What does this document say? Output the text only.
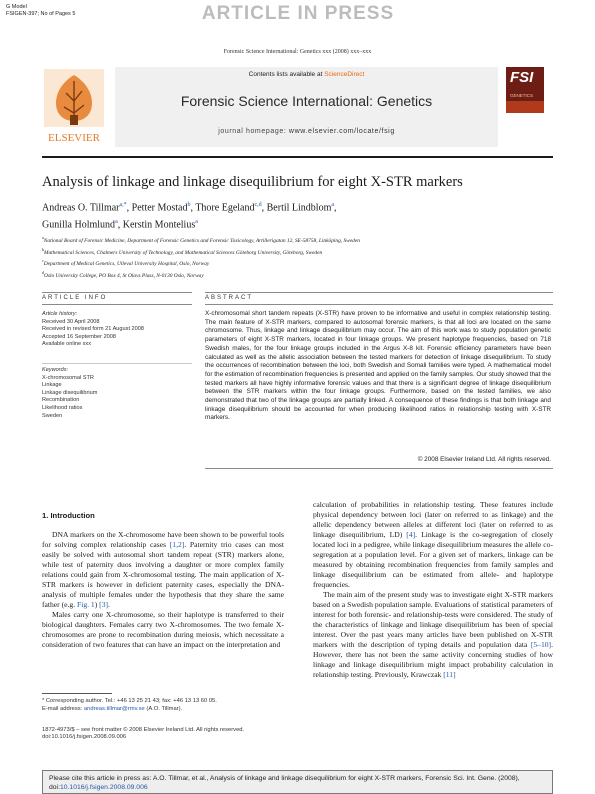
G Model
FSIGEN-397; No of Pages 5	ARTICLE IN PRESS
Forensic Science International: Genetics xxx (2008) xxx–xxx
Contents lists available at ScienceDirect
Forensic Science International: Genetics
journal homepage: www.elsevier.com/locate/fsig
ELSEVIER
FSI
GENETICS
Analysis of linkage and linkage disequilibrium for eight X-STR markers
Andreas O. Tillmar$^{a,*}$, Petter Mostad$^b$, Thore Egeland$^{c,d}$, Bertil Lindblom$^a$,
Gunilla Holmlund$^a$, Kerstin Montelius$^a$
$^a$National Board of Forensic Medicine, Department of Forensic Genetics and Forensic Toxicology, Artillerigatan 12, SE-58758, Linköping, Sweden
$^b$Mathematical Sciences, Chalmers University of Technology, and Mathematical Sciences Göteborg University, Göteborg, Sweden
$^c$Department of Medical Genetics, Ulleval University Hospital, Oslo, Norway
$^d$Oslo University College, PO Box 4, St Olavs Plass, N-0130 Oslo, Norway
ARTICLE INFO	ABSTRACT
Article history:
Received 30 April 2008
Received in revised form 21 August 2008
Accepted 16 September 2008
Available online xxx
Keywords:
X-chromosomal STR
Linkage
Linkage disequilibrium
Recombination
Likelihood ratios
Sweden
X-chromosomal short tandem repeats (X-STR) have proven to be informative and useful in complex relationship testing. The main feature of X-STR markers, compared to autosomal forensic markers, is that all loci are located on the same chromosome. Thus, linkage and linkage disequilibrium may occur. The aim of this work was to study population genetic parameters of eight X-STR markers, located in four linkage groups. We present haplotype frequencies, based on 718 Swedish males, for the four linkage groups included in the Argus X-8 kit. Forensic efficiency parameters have been calculated as well as the allelic association between the tested markers for detection of linkage disequilibrium. To study the occurrences of recombination between the loci, both Swedish and Somali families were typed. A mathematical model for the estimation of recombination frequencies is presented and applied on the family samples. Our study showed that the tested markers all have highly informative forensic values and that there is a significant degree of linkage disequilibrium between the STR markers within the four linkage groups. Furthermore, based on the tested families, we also demonstrated that two of the linkage groups are partially linked. A consequence of these findings is that both linkage and linkage disequilibrium should be accounted for when producing likelihood ratios in relationship testing with X-STR markers.
© 2008 Elsevier Ireland Ltd. All rights reserved.
1. Introduction

DNA markers on the X-chromosome have been shown to be powerful tools for solving complex relationship cases [1,2]. Paternity trio cases can most easily be solved with autosomal short tandem repeat (STR) markers alone, while test of paternity duos involving a daughter or more complex family relations could gain from X-chromosomal testing. The main application of X-STR markers is however in deficient paternity cases, especially the DNA-analysis of multiple females under the hypothesis that they share the same father (e.g. Fig. 1) [3].

Males carry one X-chromosome, so their haplotype is transferred to their biological daughters. Females carry two X-chromosomes. The two female X-chromosomes are prone to recombination during meiosis, which necessitate a consideration of two features that can have an impact on the interpretation and

calculation of probabilities in relationship testing. These features include physical dependency between loci (later on referred to as linkage) and the allelic dependency between alleles at different loci (later on referred to as linkage disequilibrium, LD) [4]. Linkage is the co-segregation of closely located loci in a pedigree, while linkage disequilibrium measures the allele co-segregation at a population level. For a given set of markers, linkage can be measured by obtaining recombination frequencies from family samples and linkage disequilibrium can be estimated from allele- and haplotype frequencies.

The main aim of the present study was to investigate eight X-STR markers based on a Swedish population sample. Evaluations of statistical parameters of interest for both forensic- and relationship-tests were considered. The study of the characteristics of linkage and linkage disequilibrium has been of special interest. Over the past years many articles have been published on X-STR markers with the description of typing details and population data [5–10]. However, there has not been the same activity concerning studies of how linkage and linkage disequilibrium might impact probability calculation in relationship testing. Previously, Krawczak [11]

* Corresponding author. Tel.: +46 13 25 21 43; fax: +46 13 13 60 05.
E-mail address: andreas.tillmar@rmv.se (A.O. Tillmar).
1872-4973/$ – see front matter © 2008 Elsevier Ireland Ltd. All rights reserved.
doi:10.1016/j.fsigen.2008.09.006
Please cite this article in press as: A.O. Tillmar, et al., Analysis of linkage and linkage disequilibrium for eight X-STR markers, Forensic Sci. Int. Gene. (2008), doi:10.1016/j.fsigen.2008.09.006
